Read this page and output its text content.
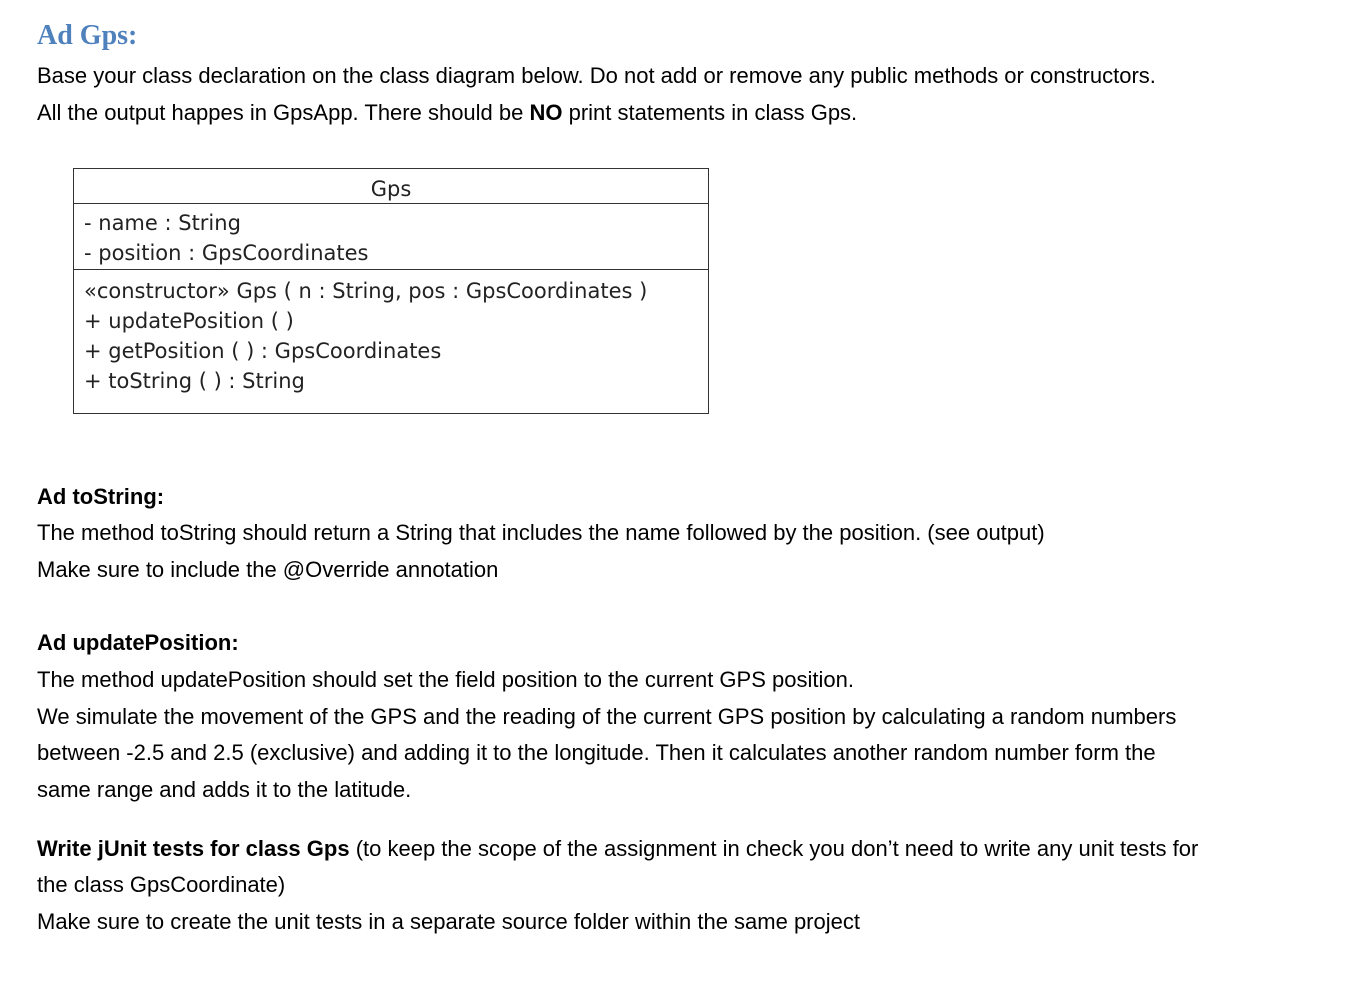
Ad Gps:
Base your class declaration on the class diagram below. Do not add or remove any public methods or constructors.
All the output happes in GpsApp. There should be NO print statements in class Gps.
Gps
- name : String
- position : GpsCoordinates
«constructor» Gps ( n : String, pos : GpsCoordinates )
+ updatePosition ( )
+ getPosition ( ) : GpsCoordinates
+ toString ( ) : String
Ad toString:
The method toString should return a String that includes the name followed by the position. (see output)
Make sure to include the @Override annotation
Ad updatePosition:
The method updatePosition should set the field position to the current GPS position.
We simulate the movement of the GPS and the reading of the current GPS position by calculating a random numbers
between -2.5 and 2.5 (exclusive) and adding it to the longitude. Then it calculates another random number form the
same range and adds it to the latitude.
Write jUnit tests for class Gps (to keep the scope of the assignment in check you don’t need to write any unit tests for
the class GpsCoordinate)
Make sure to create the unit tests in a separate source folder within the same project
